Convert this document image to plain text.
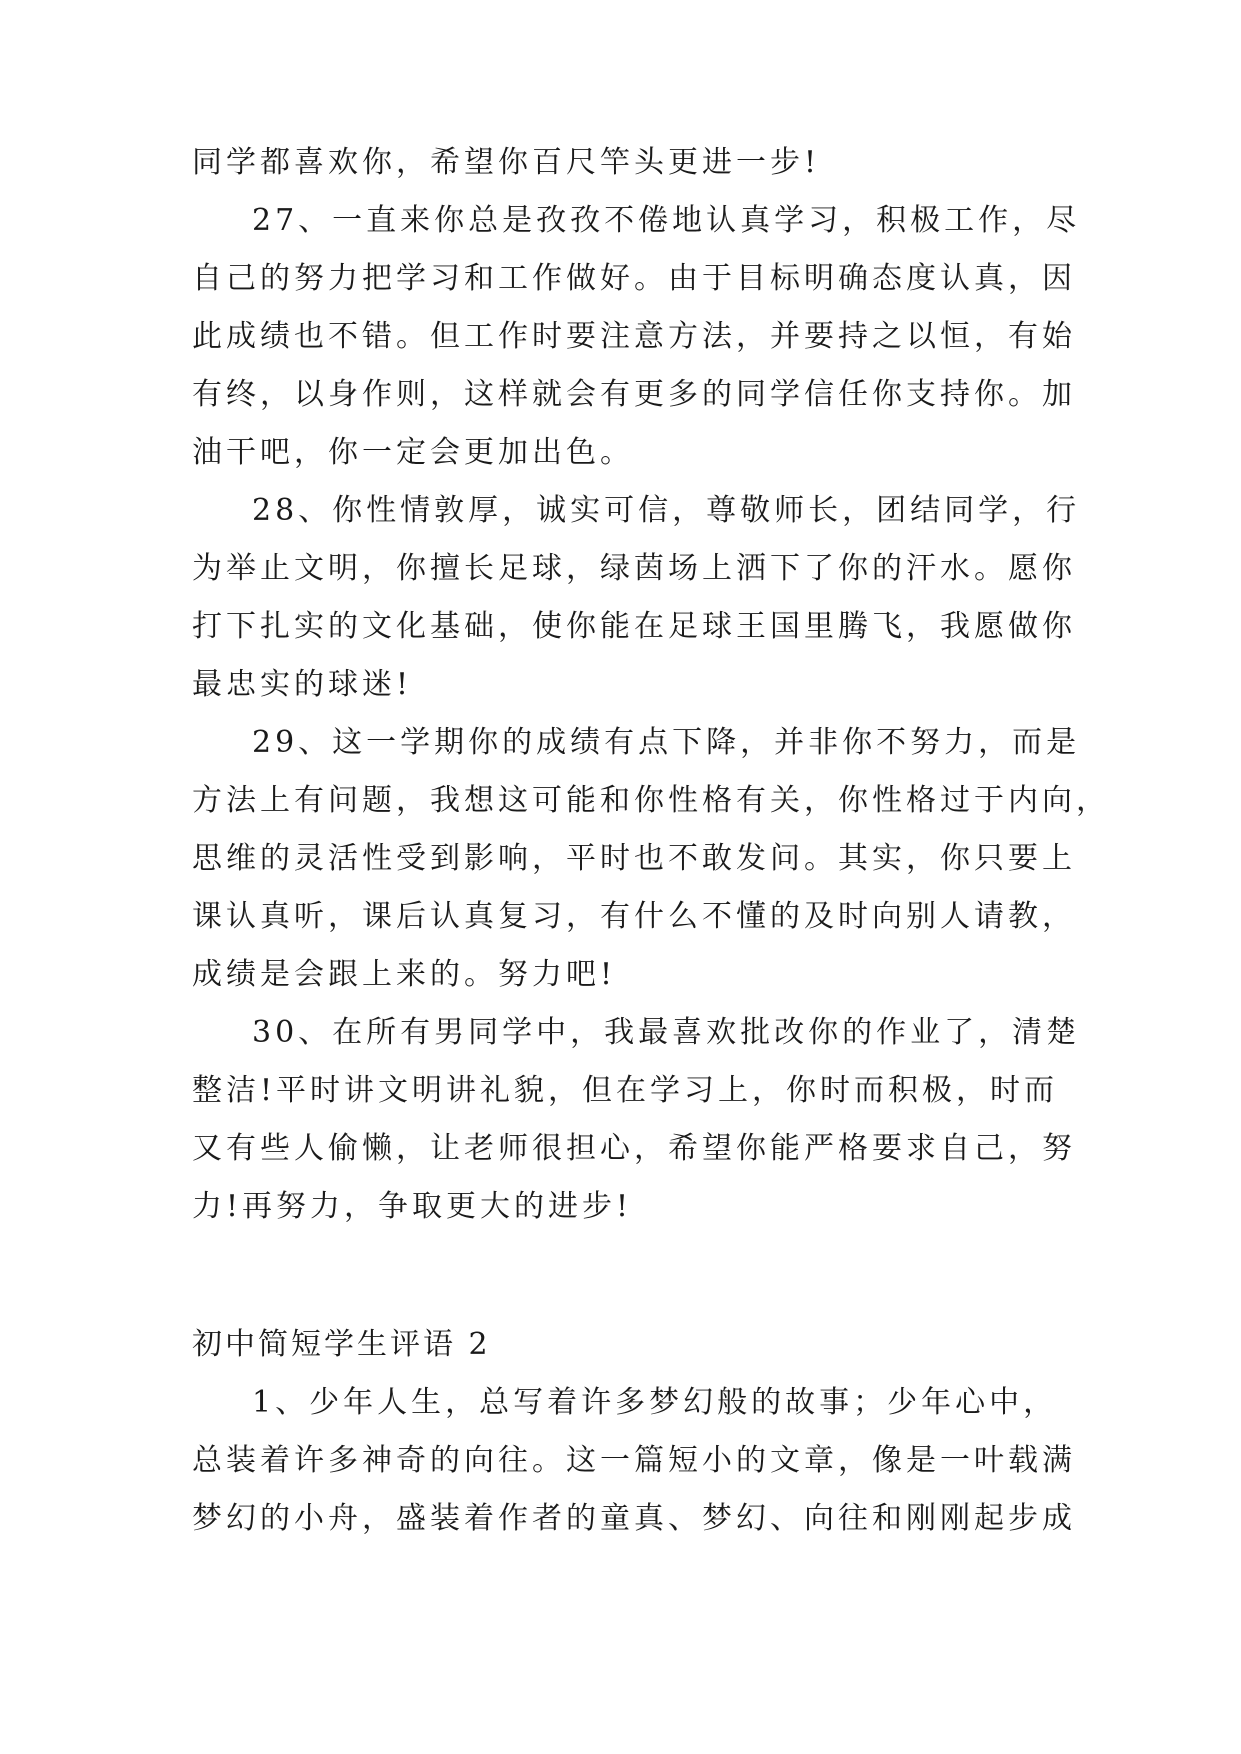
同学都喜欢你，希望你百尺竿头更进一步!
27、一直来你总是孜孜不倦地认真学习，积极工作，尽
自己的努力把学习和工作做好。由于目标明确态度认真，因
此成绩也不错。但工作时要注意方法，并要持之以恒，有始
有终，以身作则，这样就会有更多的同学信任你支持你。加
油干吧，你一定会更加出色。
28、你性情敦厚，诚实可信，尊敬师长，团结同学，行
为举止文明，你擅长足球，绿茵场上洒下了你的汗水。愿你
打下扎实的文化基础，使你能在足球王国里腾飞，我愿做你
最忠实的球迷!
29、这一学期你的成绩有点下降，并非你不努力，而是
方法上有问题，我想这可能和你性格有关，你性格过于内向，
思维的灵活性受到影响，平时也不敢发问。其实，你只要上
课认真听，课后认真复习，有什么不懂的及时向别人请教，
成绩是会跟上来的。努力吧!
30、在所有男同学中，我最喜欢批改你的作业了，清楚
整洁!平时讲文明讲礼貌，但在学习上，你时而积极，时而
又有些人偷懒，让老师很担心，希望你能严格要求自己，努
力!再努力，争取更大的进步!
初中简短学生评语 2
1、少年人生，总写着许多梦幻般的故事；少年心中，
总装着许多神奇的向往。这一篇短小的文章，像是一叶载满
梦幻的小舟，盛装着作者的童真、梦幻、向往和刚刚起步成
